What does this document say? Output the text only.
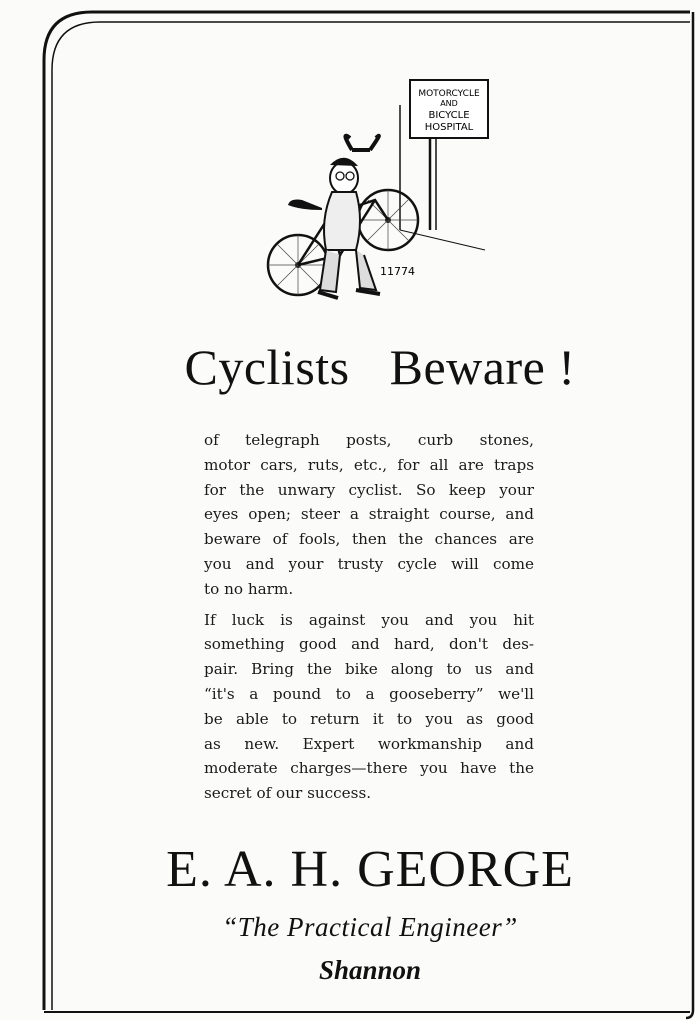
MOTORCYCLE
AND
BICYCLE
HOSPITAL
11774
Cyclists Beware !

of telegraph posts, curb stones,
motor cars, ruts, etc., for all are traps
for the unwary cyclist. So keep your
eyes open; steer a straight course, and
beware of fools, then the chances are
you and your trusty cycle will come
to no harm.

If luck is against you and you hit
something good and hard, don't des-
pair. Bring the bike along to us and
“it's a pound to a gooseberry” we'll
be able to return it to you as good
as new. Expert workmanship and
moderate charges—there you have the
secret of our success.

E. A. H. GEORGE
“The Practical Engineer”
Shannon
